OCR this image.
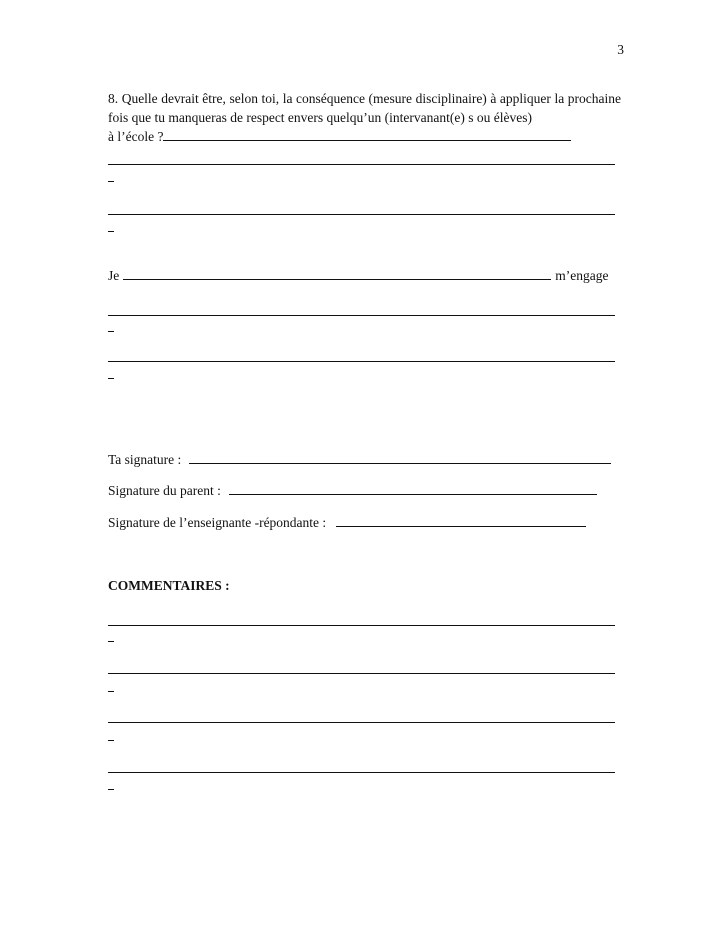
3
8. Quelle devrait être, selon toi, la conséquence (mesure disciplinaire) à appliquer la prochaine fois que tu manqueras de respect envers quelqu’un (intervanant(e) s ou élèves)
à l’école ?
Je	m’engage
Ta signature :
Signature du parent :
Signature de l’enseignante -répondante :
COMMENTAIRES :
